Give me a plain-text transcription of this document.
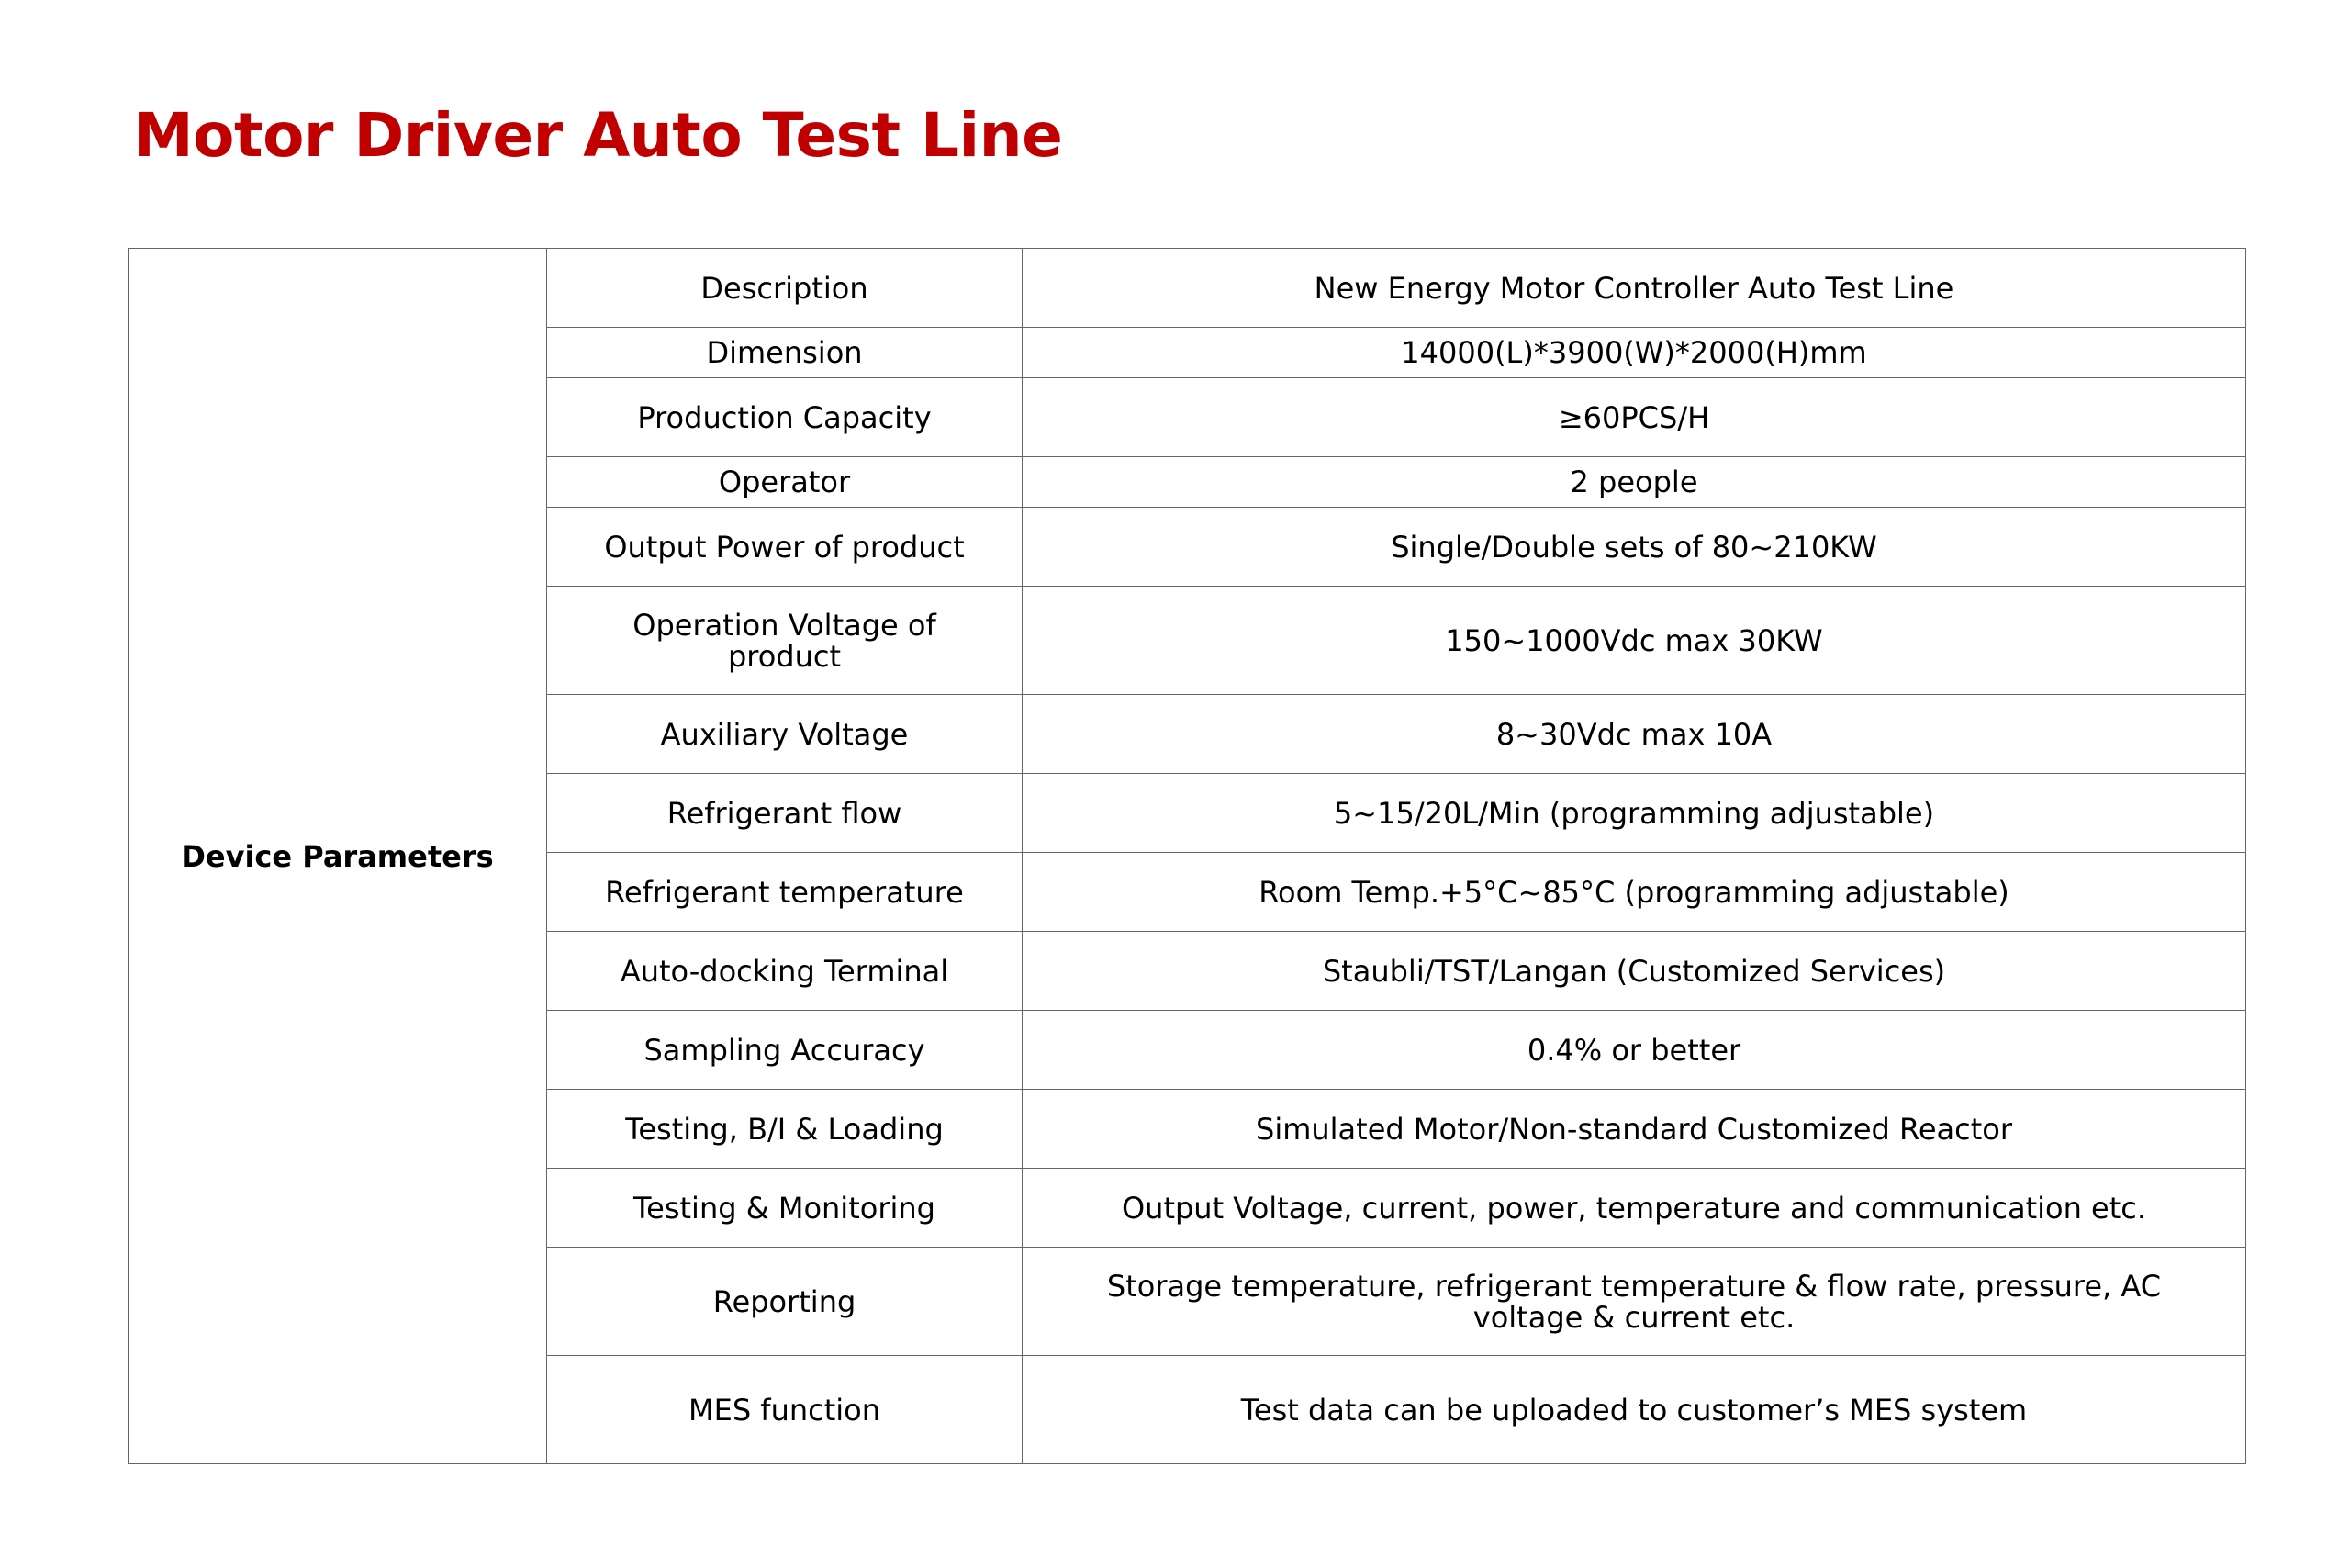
Motor Driver Auto Test Line
Device Parameters	Description	New Energy Motor Controller Auto Test Line
	Dimension	14000(L)*3900(W)*2000(H)mm
	Production Capacity	≥60PCS/H
	Operator	2 people
	Output Power of product	Single/Double sets of 80~210KW
	Operation Voltage of product	150~1000Vdc max 30KW
	Auxiliary Voltage	8~30Vdc max 10A
	Refrigerant flow	5~15/20L/Min (programming adjustable)
	Refrigerant temperature	Room Temp.+5°C~85°C (programming adjustable)
	Auto-docking Terminal	Staubli/TST/Langan (Customized Services)
	Sampling Accuracy	0.4% or better
	Testing, B/I & Loading	Simulated Motor/Non-standard Customized Reactor
	Testing & Monitoring	Output Voltage, current, power, temperature and communication etc.
	Reporting	Storage temperature, refrigerant temperature & flow rate, pressure, AC voltage & current etc.
	MES function	Test data can be uploaded to customer’s MES system
